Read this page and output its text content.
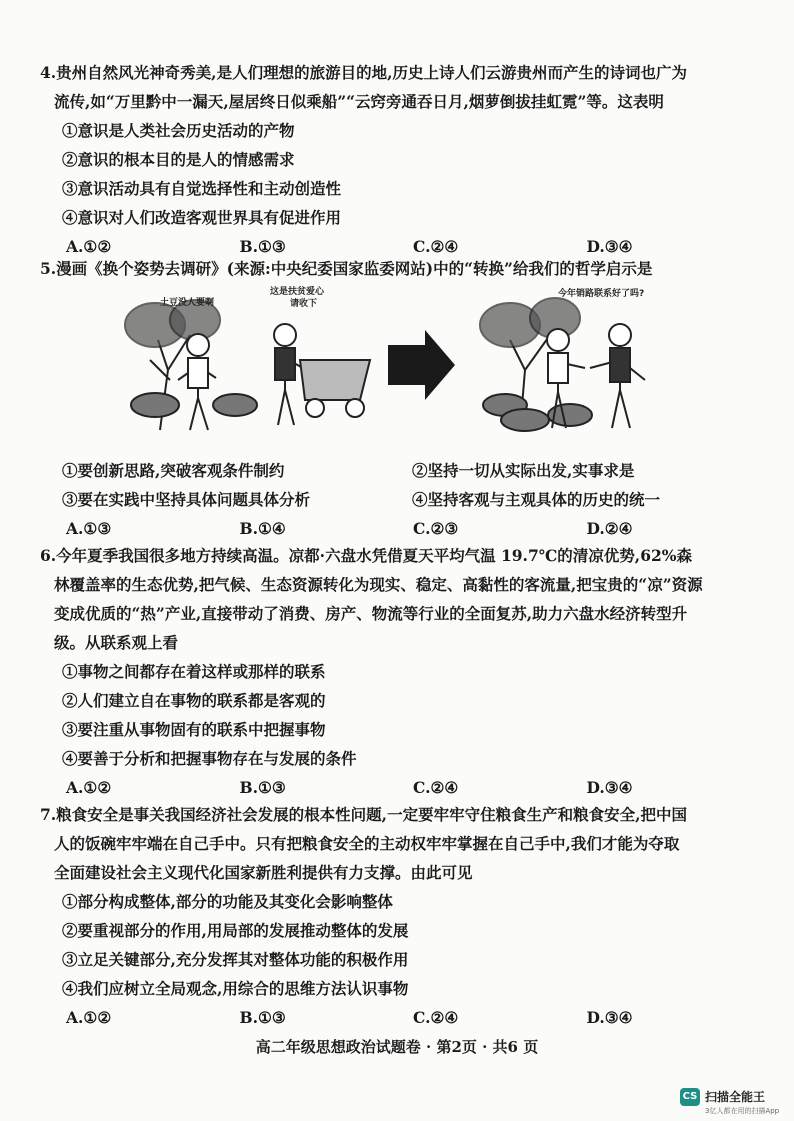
4.贵州自然风光神奇秀美,是人们理想的旅游目的地,历史上诗人们云游贵州而产生的诗词也广为

流传,如“万里黔中一漏天,屋居终日似乘船”“云窍旁通吞日月,烟萝倒拔挂虹霓”等。这表明

①意识是人类社会历史活动的产物

②意识的根本目的是人的情感需求

③意识活动具有自觉选择性和主动创造性

④意识对人们改造客观世界具有促进作用

A.①②	B.①③	C.②④	D.③④

5.漫画《换个姿势去调研》(来源:中央纪委国家监委网站)中的“转换”给我们的哲学启示是

土豆没人要啊
这是扶贫爱心
请收下
今年销路联系好了吗?
①要创新思路,突破客观条件制约	②坚持一切从实际出发,实事求是
③要在实践中坚持具体问题具体分析	④坚持客观与主观具体的历史的统一
A.①③	B.①④	C.②③	D.②④

6.今年夏季我国很多地方持续高温。凉都·六盘水凭借夏天平均气温 19.7℃的清凉优势,62%森

林覆盖率的生态优势,把气候、生态资源转化为现实、稳定、高黏性的客流量,把宝贵的“凉”资源

变成优质的“热”产业,直接带动了消费、房产、物流等行业的全面复苏,助力六盘水经济转型升

级。从联系观上看

①事物之间都存在着这样或那样的联系

②人们建立自在事物的联系都是客观的

③要注重从事物固有的联系中把握事物

④要善于分析和把握事物存在与发展的条件

A.①②	B.①③	C.②④	D.③④

7.粮食安全是事关我国经济社会发展的根本性问题,一定要牢牢守住粮食生产和粮食安全,把中国

人的饭碗牢牢端在自己手中。只有把粮食安全的主动权牢牢掌握在自己手中,我们才能为夺取

全面建设社会主义现代化国家新胜利提供有力支撑。由此可见

①部分构成整体,部分的功能及其变化会影响整体

②要重视部分的作用,用局部的发展推动整体的发展

③立足关键部分,充分发挥其对整体功能的积极作用

④我们应树立全局观念,用综合的思维方法认识事物

A.①②	B.①③	C.②④	D.③④
高二年级思想政治试题卷 · 第2页 · 共6 页
CS 扫描全能王
3亿人都在用的扫描App
